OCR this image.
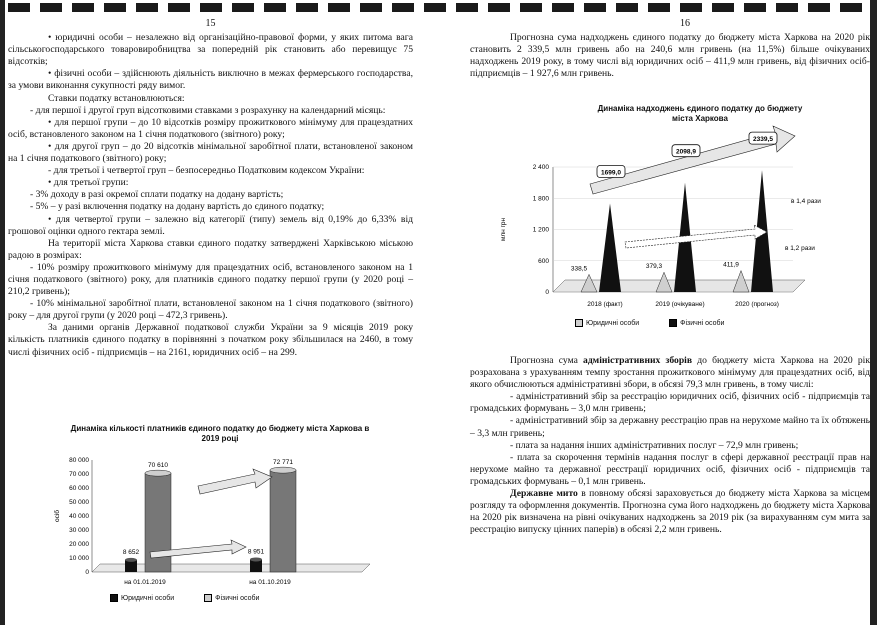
15

• юридичні особи – незалежно від організаційно-правової форми, у яких питома вага сільськогосподарського товаровиробництва за попередній рік становить або перевищує 75 відсотків;

• фізичні особи – здійснюють діяльність виключно в межах фермерського господарства, за умови виконання сукупності ряду вимог.

Ставки податку встановлюються:

- для першої і другої груп відсотковими ставками з розрахунку на календарний місяць:

• для першої групи – до 10 відсотків розміру прожиткового мінімуму для працездатних осіб, встановленого законом на 1 січня податкового (звітного) року;

• для другої груп – до 20 відсотків мінімальної заробітної плати, встановленої законом на 1 січня податкового (звітного) року;

- для третьої і четвертої груп – безпосередньо Податковим кодексом України:

• для третьої групи:

- 3% доходу в разі окремої сплати податку на додану вартість;

- 5% – у разі включення податку на додану вартість до єдиного податку;

• для четвертої групи – залежно від категорії (типу) земель від 0,19% до 6,33% від грошової оцінки одного гектара землі.

На території міста Харкова ставки єдиного податку затверджені Харківською міською радою в розмірах:

- 10% розміру прожиткового мінімуму для працездатних осіб, встановленого законом на 1 січня податкового (звітного) року, для платників єдиного податку першої групи (у 2020 році – 210,2 гривень);

- 10% мінімальної заробітної плати, встановленої законом на 1 січня податкового (звітного) року – для другої групи (у 2020 році – 472,3 гривень).

За даними органів Державної податкової служби України за 9 місяців 2019 року кількість платників єдиного податку в порівнянні з початком року збільшилася на 2460, в тому числі фізичних осіб - підприємців – на 2161, юридичних осіб – на 299.

Динаміка кількості платників єдиного податку до бюджету міста Харкова в 2019 році
80 000
70 000
60 000
50 000
40 000
30 000
20 000
10 000
0
осіб
8 652
70 610
на 01.01.2019
8 951
72 771
на 01.10.2019
Юридичні особи
	Фізичні особи
16

Прогнозна сума надходжень єдиного податку до бюджету міста Харкова на 2020 рік становить 2 339,5 млн гривень або на 240,6 млн гривень (на 11,5%) більше очікуваних надходжень 2019 року, в тому числі від юридичних осіб – 411,9 млн гривень, від фізичних осіб-підприємців – 1 927,6 млн гривень.

Динаміка надходжень єдиного податку до бюджету міста Харкова
2 400
1 800
1 200
600
0
млн грн
338,5
1699,0
2018 (факт)
379,3
2098,9
2019 (очікуване)
411,9
2339,5
2020 (прогноз)
в 1,4 рази
в 1,2 рази
Юридичні особи
	Фізичні особи

Прогнозна сума адміністративних зборів до бюджету міста Харкова на 2020 рік розрахована з урахуванням темпу зростання прожиткового мінімуму для працездатних осіб, від якого обчислюються адміністративні збори, в обсязі 79,3 млн гривень, в тому числі:

- адміністративний збір за реєстрацію юридичних осіб, фізичних осіб - підприємців та громадських формувань – 3,0 млн гривень;

- адміністративний збір за державну реєстрацію прав на нерухоме майно та їх обтяжень – 3,3 млн гривень;

- плата за надання інших адміністративних послуг – 72,9 млн гривень;

- плата за скорочення термінів надання послуг в сфері державної реєстрації прав на нерухоме майно та державної реєстрації юридичних осіб, фізичних осіб - підприємців та громадських формувань – 0,1 млн гривень.

Державне мито в повному обсязі зараховується до бюджету міста Харкова за місцем розгляду та оформлення документів. Прогнозна сума його надходжень до бюджету міста Харкова на 2020 рік визначена на рівні очікуваних надходжень за 2019 рік (за вирахуванням сум мита за реєстрацію випуску цінних паперів) в обсязі 2,2 млн гривень.
